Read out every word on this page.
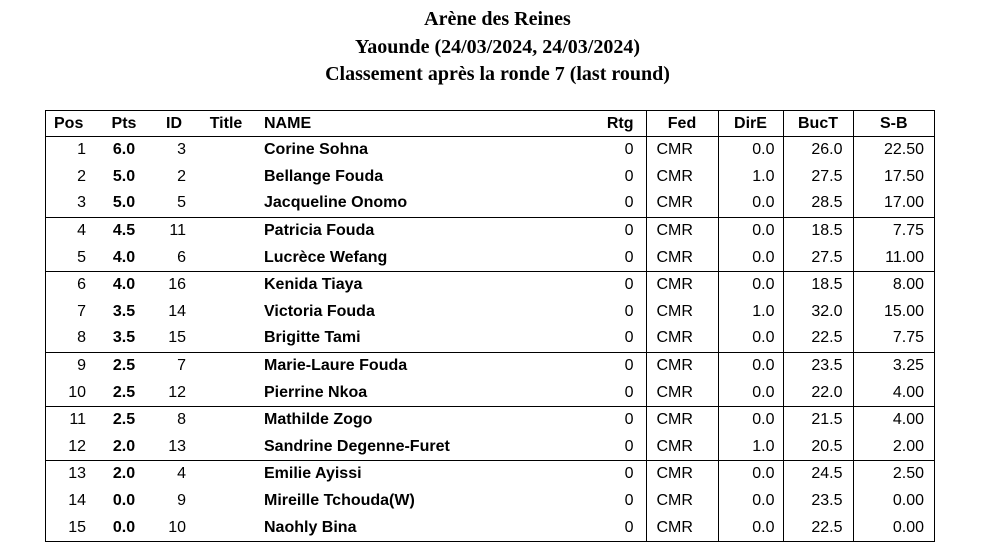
Arène des Reines
Yaounde (24/03/2024, 24/03/2024)
Classement après la ronde 7 (last round)
Pos	Pts	ID	Title	NAME	Rtg	Fed	DirE	BucT	S-B
1	6.0	3		Corine Sohna	0	CMR	0.0	26.0	22.50
2	5.0	2		Bellange Fouda	0	CMR	1.0	27.5	17.50
3	5.0	5		Jacqueline Onomo	0	CMR	0.0	28.5	17.00
4	4.5	11		Patricia Fouda	0	CMR	0.0	18.5	7.75
5	4.0	6		Lucrèce Wefang	0	CMR	0.0	27.5	11.00
6	4.0	16		Kenida Tiaya	0	CMR	0.0	18.5	8.00
7	3.5	14		Victoria Fouda	0	CMR	1.0	32.0	15.00
8	3.5	15		Brigitte Tami	0	CMR	0.0	22.5	7.75
9	2.5	7		Marie-Laure Fouda	0	CMR	0.0	23.5	3.25
10	2.5	12		Pierrine Nkoa	0	CMR	0.0	22.0	4.00
11	2.5	8		Mathilde Zogo	0	CMR	0.0	21.5	4.00
12	2.0	13		Sandrine Degenne-Furet	0	CMR	1.0	20.5	2.00
13	2.0	4		Emilie Ayissi	0	CMR	0.0	24.5	2.50
14	0.0	9		Mireille Tchouda(W)	0	CMR	0.0	23.5	0.00
15	0.0	10		Naohly Bina	0	CMR	0.0	22.5	0.00
